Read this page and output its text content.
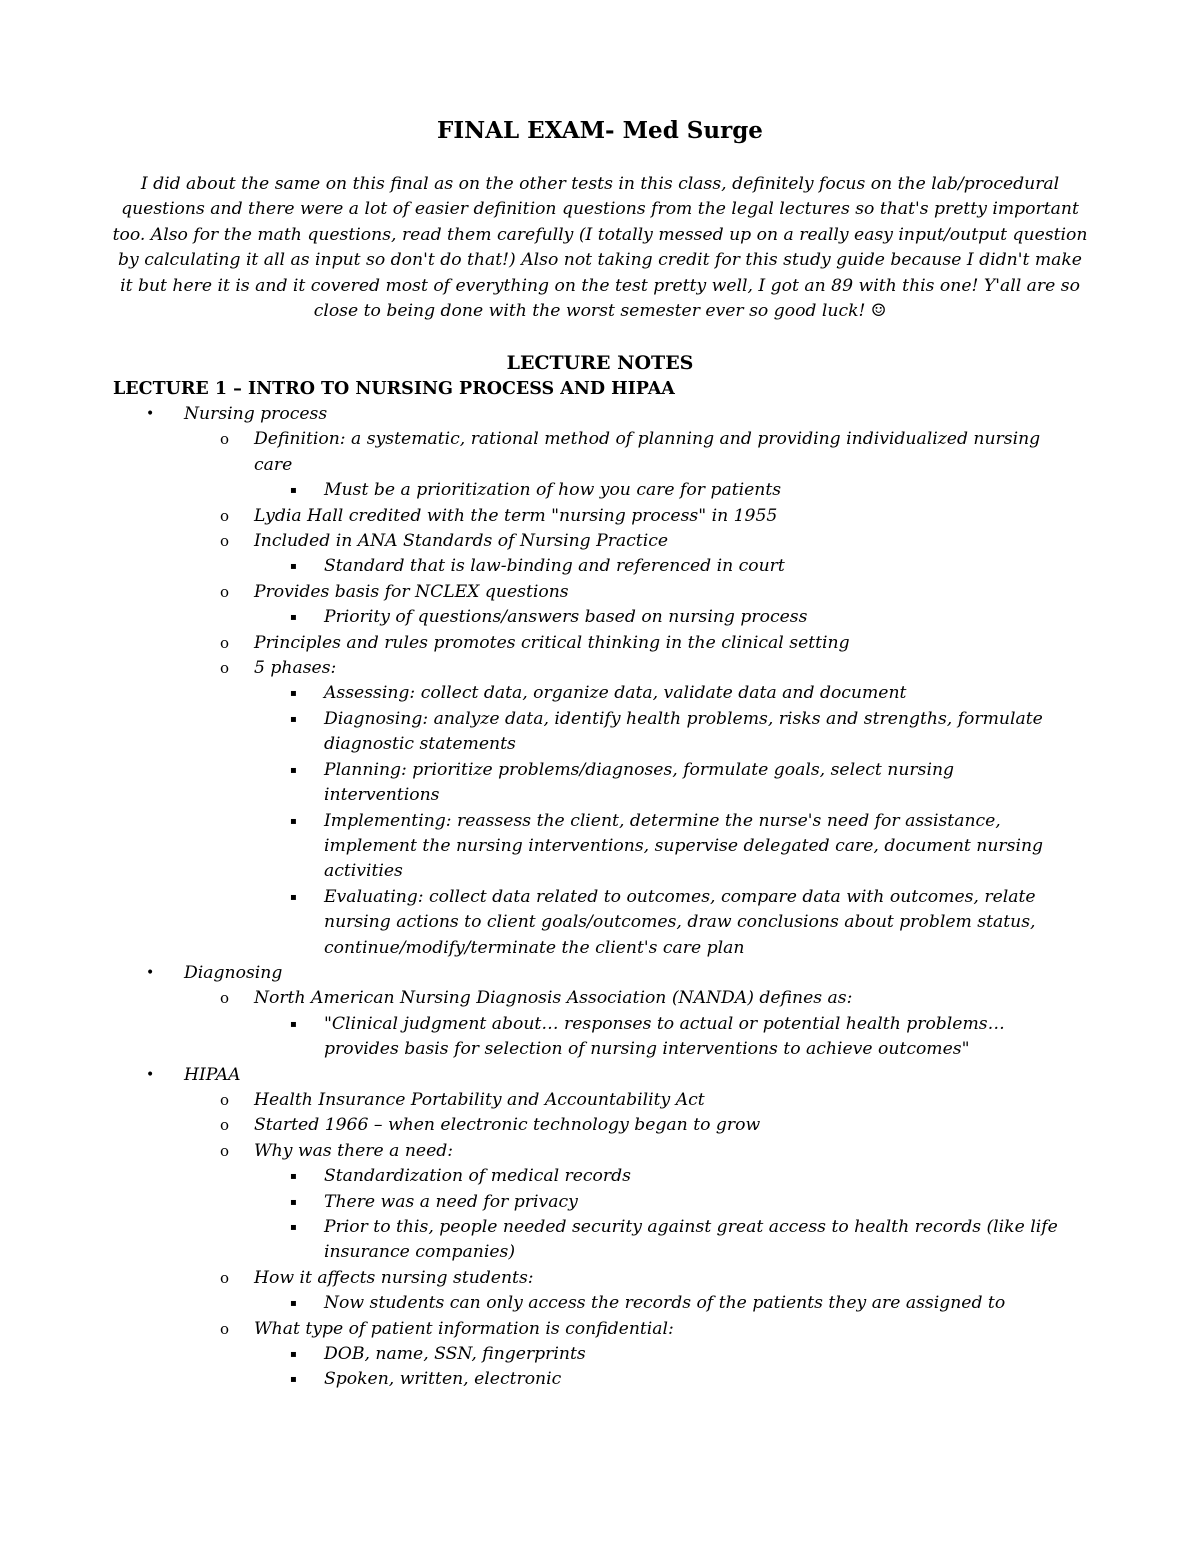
FINAL EXAM- Med Surge
I did about the same on this final as on the other tests in this class, definitely focus on the lab/procedural questions and there were a lot of easier definition questions from the legal lectures so that's pretty important too. Also for the math questions, read them carefully (I totally messed up on a really easy input/output question by calculating it all as input so don't do that!) Also not taking credit for this study guide because I didn't make it but here it is and it covered most of everything on the test pretty well, I got an 89 with this one! Y'all are so close to being done with the worst semester ever so good luck! ☺
LECTURE NOTES
LECTURE 1 – INTRO TO NURSING PROCESS AND HIPAA
• Nursing process
o Definition: a systematic, rational method of planning and providing individualized nursing care
▪ Must be a prioritization of how you care for patients
o Lydia Hall credited with the term "nursing process" in 1955
o Included in ANA Standards of Nursing Practice
▪ Standard that is law-binding and referenced in court
o Provides basis for NCLEX questions
▪ Priority of questions/answers based on nursing process
o Principles and rules promotes critical thinking in the clinical setting
o 5 phases:
▪ Assessing: collect data, organize data, validate data and document
▪ Diagnosing: analyze data, identify health problems, risks and strengths, formulate diagnostic statements
▪ Planning: prioritize problems/diagnoses, formulate goals, select nursing interventions
▪ Implementing: reassess the client, determine the nurse's need for assistance, implement the nursing interventions, supervise delegated care, document nursing activities
▪ Evaluating: collect data related to outcomes, compare data with outcomes, relate nursing actions to client goals/outcomes, draw conclusions about problem status, continue/modify/terminate the client's care plan
• Diagnosing
o North American Nursing Diagnosis Association (NANDA) defines as:
▪ "Clinical judgment about… responses to actual or potential health problems… provides basis for selection of nursing interventions to achieve outcomes"
• HIPAA
o Health Insurance Portability and Accountability Act
o Started 1966 – when electronic technology began to grow
o Why was there a need:
▪ Standardization of medical records
▪ There was a need for privacy
▪ Prior to this, people needed security against great access to health records (like life insurance companies)
o How it affects nursing students:
▪ Now students can only access the records of the patients they are assigned to
o What type of patient information is confidential:
▪ DOB, name, SSN, fingerprints
▪ Spoken, written, electronic
